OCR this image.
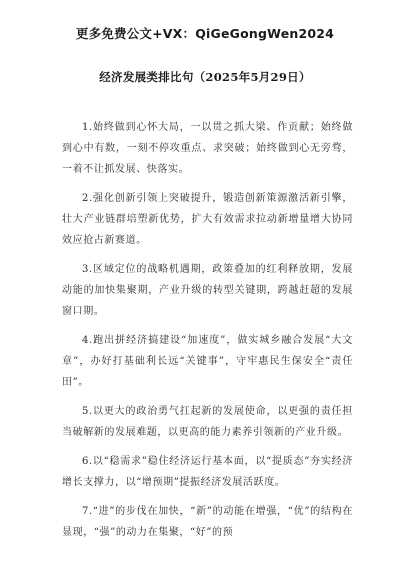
更多免费公文+VX：QiGeGongWen2024
经济发展类排比句（2025年5月29日）

1.始终做到心怀大局，一以贯之抓大梁、作贡献；始终做到心中有数，一刻不停攻重点、求突破；始终做到心无旁骛，一着不让抓发展、快落实。

2.强化创新引领上突破提升，锻造创新策源激活新引擎，壮大产业链群培塑新优势，扩大有效需求拉动新增量增大协同效应抢占新赛道。

3.区域定位的战略机遇期，政策叠加的红利释放期，发展动能的加快集聚期，产业升级的转型关键期，跨越赶超的发展窗口期。

4.跑出拼经济搞建设“加速度”，做实城乡融合发展“大文章”，办好打基础利长远“关键事”，守牢惠民生保安全“责任田”。

5.以更大的政治勇气扛起新的发展使命，以更强的责任担当破解新的发展难题，以更高的能力素养引领新的产业升级。

6.以“稳需求”稳住经济运行基本面，以“提质态”夯实经济增长支撑力，以“增预期”提振经济发展活跃度。

7.“进”的步伐在加快，“新”的动能在增强，“优”的结构在显现，“强”的动力在集聚，“好”的预
